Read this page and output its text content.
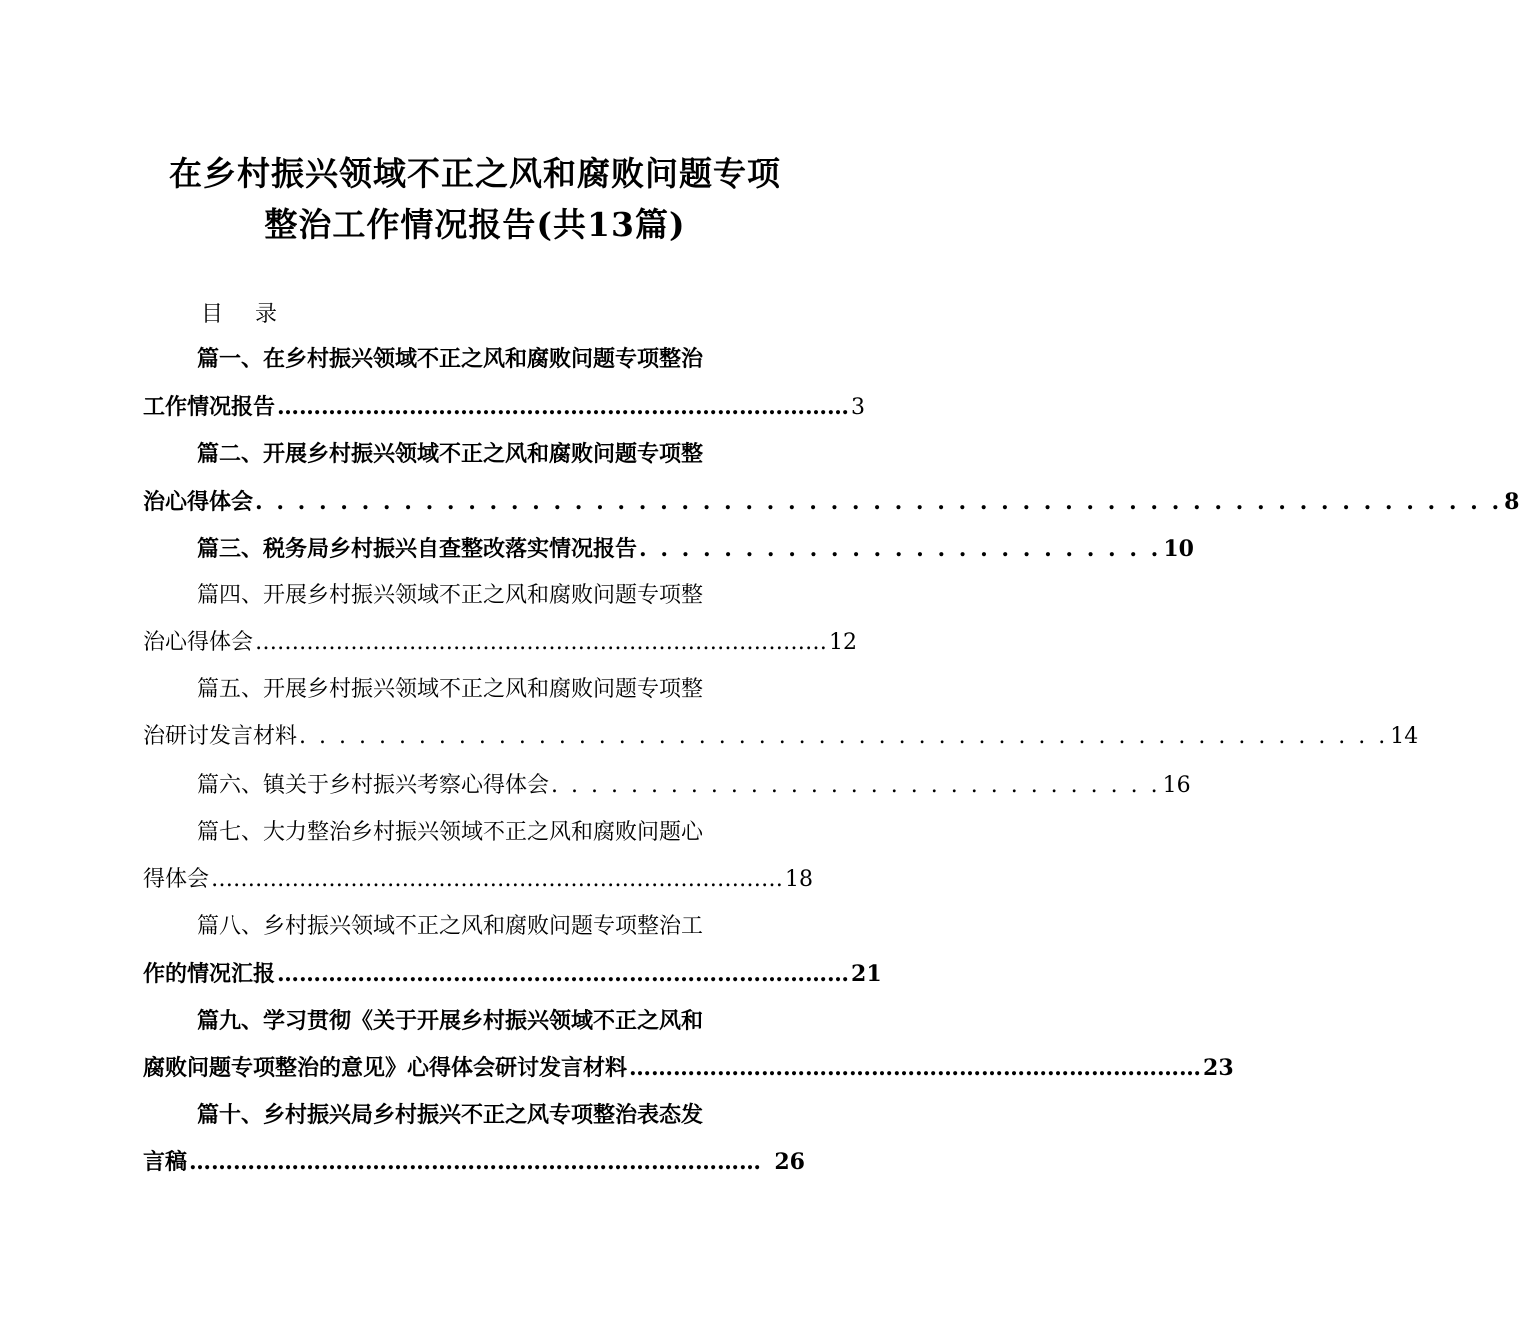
在乡村振兴领域不正之风和腐败问题专项
整治工作情况报告(共13篇)
目 录
篇一、在乡村振兴领域不正之风和腐败问题专项整治
工作情况报告 …………………………………………………………………… 3
篇二、开展乡村振兴领域不正之风和腐败问题专项整
治心得体会 . . . . . . . . . . . . . . . . . . . . . . . . . . . . . . . . . . . . . . . . . . . . . . . . . . . . . . . . . . . 8
篇三、税务局乡村振兴自查整改落实情况报告 . . . . . . . . . . . . . . . . . . . . . . . . . 10
篇四、开展乡村振兴领域不正之风和腐败问题专项整
治心得体会 …………………………………………………………………… 12
篇五、开展乡村振兴领域不正之风和腐败问题专项整
治研讨发言材料 . . . . . . . . . . . . . . . . . . . . . . . . . . . . . . . . . . . . . . . . . . . . . . . . . . . . . . . 14
篇六、镇关于乡村振兴考察心得体会 . . . . . . . . . . . . . . . . . . . . . . . . . . . . . . . 16
篇七、大力整治乡村振兴领域不正之风和腐败问题心
得体会 …………………………………………………………………… 18
篇八、乡村振兴领域不正之风和腐败问题专项整治工
作的情况汇报 …………………………………………………………………… 21
篇九、学习贯彻《关于开展乡村振兴领域不正之风和
腐败问题专项整治的意见》心得体会研讨发言材料 …………………………………………………………………… 23
篇十、乡村振兴局乡村振兴不正之风专项整治表态发
言稿 …………………………………………………………………… 26
